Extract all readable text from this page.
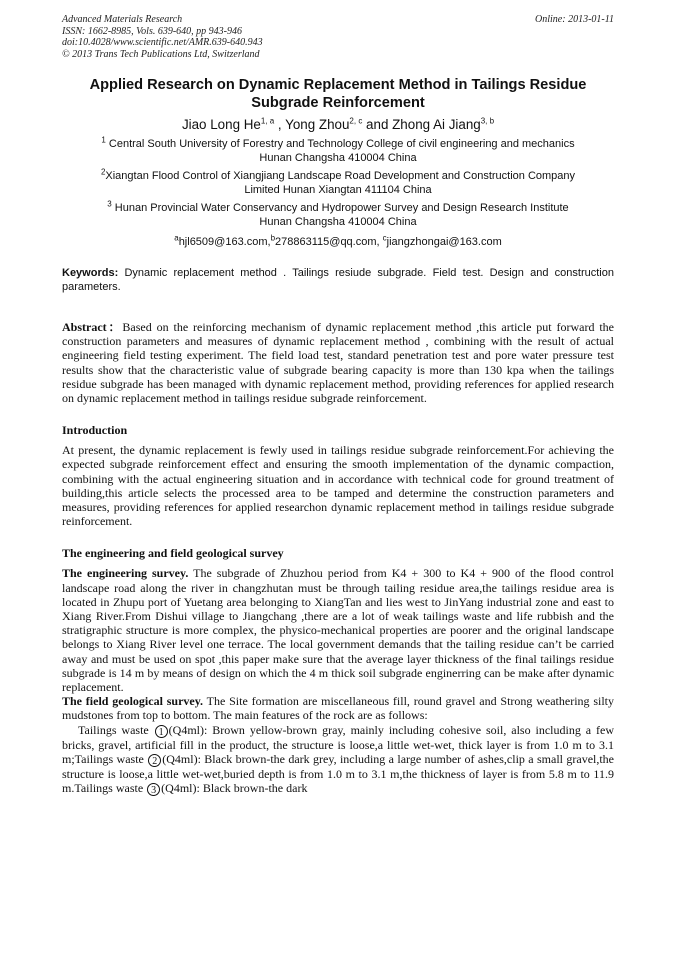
Advanced Materials Research
ISSN: 1662-8985, Vols. 639-640, pp 943-946
doi:10.4028/www.scientific.net/AMR.639-640.943
© 2013 Trans Tech Publications Ltd, Switzerland
Online: 2013-01-11
Applied Research on Dynamic Replacement Method in Tailings Residue Subgrade Reinforcement
Jiao Long He$^{1, a}$ , Yong Zhou$^{2, c}$ and Zhong Ai Jiang$^{3, b}$
$^1$ Central South University of Forestry and Technology College of civil engineering and mechanics
Hunan Changsha 410004 China
$^2$Xiangtan Flood Control of Xiangjiang Landscape Road Development and Construction Company
Limited Hunan Xiangtan 411104 China
$^3$ Hunan Provincial Water Conservancy and Hydropower Survey and Design Research Institute
Hunan Changsha 410004 China
$^a$hjl6509@163.com,$^b$278863115@qq.com, $^c$jiangzhongai@163.com
Keywords: Dynamic replacement method . Tailings resiude subgrade. Field test. Design and construction parameters.
Abstract：Based on the reinforcing mechanism of dynamic replacement method ,this article put forward the construction parameters and measures of dynamic replacement method , combining with the result of actual engineering field testing experiment. The field load test, standard penetration test and pore water pressure test results show that the characteristic value of subgrade bearing capacity is more than 130 kpa when the tailings residue subgrade has been managed with dynamic replacement method, providing references for applied research on dynamic replacement method in tailings residue subgrade reinforcement.
Introduction

At present, the dynamic replacement is fewly used in tailings residue subgrade reinforcement.For achieving the expected subgrade reinforcement effect and ensuring the smooth implementation of the dynamic compaction, combining with the actual engineering situation and in accordance with technical code for ground treatment of building,this article selects the processed area to be tamped and determine the construction parameters and measures, providing references for applied researchon dynamic replacement method in tailings residue subgrade reinforcement.

The engineering and field geological survey

The engineering survey. The subgrade of Zhuzhou period from K4 + 300 to K4 + 900 of the flood control landscape road along the river in changzhutan must be through tailing residue area,the tailings residue area is located in Zhupu port of Yuetang area belonging to XiangTan and lies west to JinYang industrial zone and east to Xiang River.From Dishui village to Jiangchang ,there are a lot of weak tailings waste and life rubbish and the stratigraphic structure is more complex, the physico-mechanical properties are poorer and the original landscape belongs to Xiang River level one terrace. The local government demands that the tailing residue can’t be carried away and must be used on spot ,this paper make sure that the average layer thickness of the final tailings residue subgrade is 14 m by means of design on which the 4 m thick soil subgrade enginerring can be make after dynamic replacement.

The field geological survey. The Site formation are miscellaneous fill, round gravel and Strong weathering silty mudstones from top to bottom. The main features of the rock are as follows:

Tailings waste 1 (Q4ml): Brown yellow-brown gray, mainly including cohesive soil, also including a few bricks, gravel, artificial fill in the product, the structure is loose,a little wet-wet, thick layer is from 1.0 m to 3.1 m;Tailings waste 2 (Q4ml): Black brown-the dark grey, including a large number of ashes,clip a small gravel,the structure is loose,a little wet-wet,buried depth is from 1.0 m to 3.1 m,the thickness of layer is from 5.8 m to 11.9 m.Tailings waste 3 (Q4ml): Black brown-the dark
